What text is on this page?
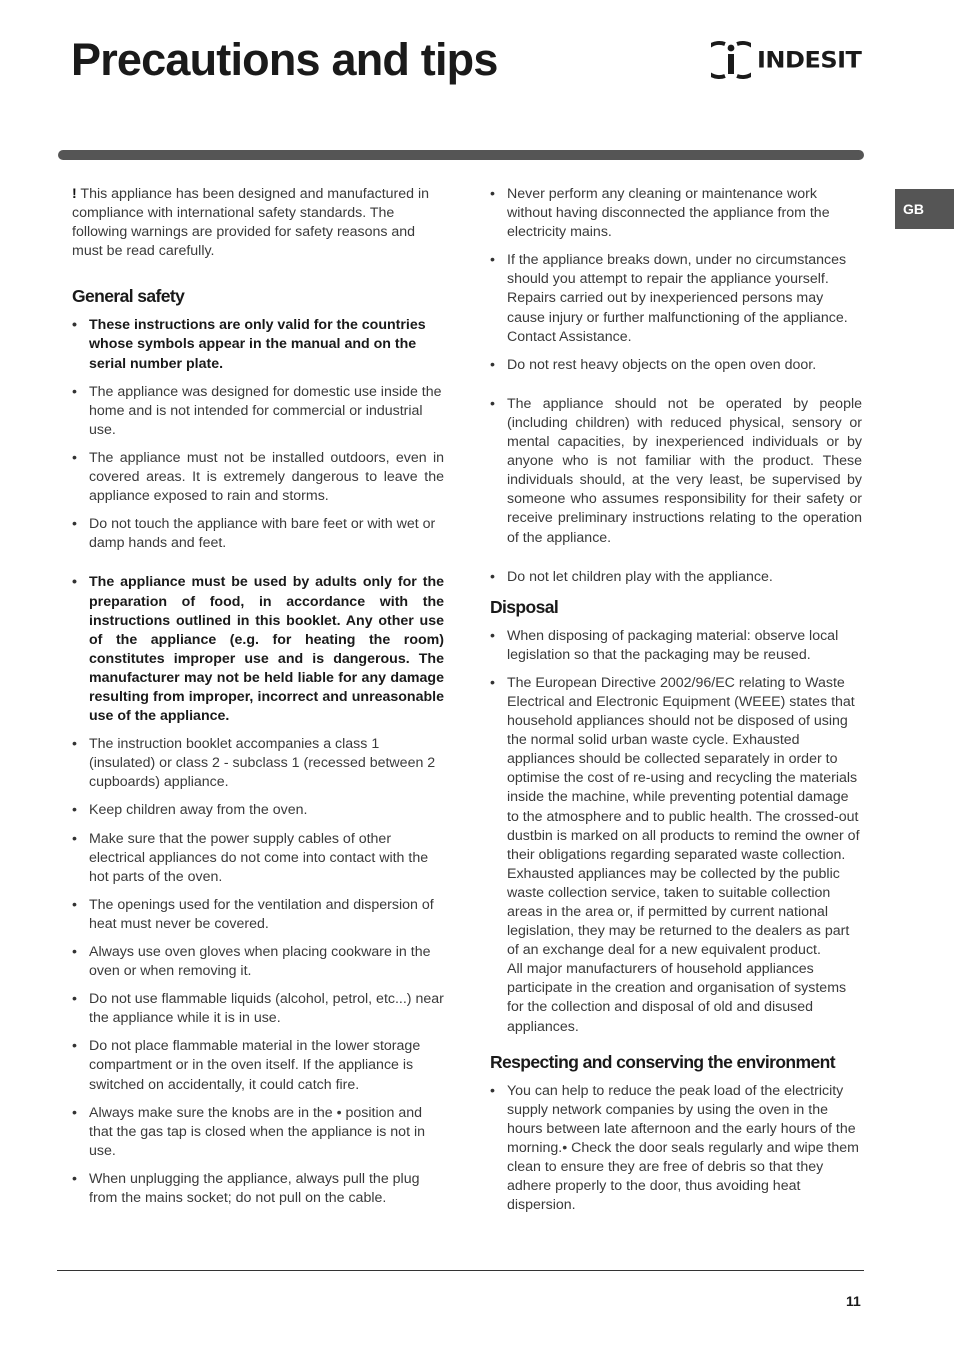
Precautions and tips	INDESIT
GB

! This appliance has been designed and manufactured in compliance with international safety standards. The following warnings are provided for safety reasons and must be read carefully.

General safety
• These instructions are only valid for the countries whose symbols appear in the manual and on the serial number plate.
• The appliance was designed for domestic use inside the home and is not intended for commercial or industrial use.
• The appliance must not be installed outdoors, even in covered areas. It is extremely dangerous to leave the appliance exposed to rain and storms.
• Do not touch the appliance with bare feet or with wet or damp hands and feet.
• The appliance must be used by adults only for the preparation of food, in accordance with the instructions outlined in this booklet. Any other use of the appliance (e.g. for heating the room) constitutes improper use and is dangerous. The manufacturer may not be held liable for any damage resulting from improper, incorrect and unreasonable use of the appliance.
• The instruction booklet accompanies a class 1 (insulated) or class 2 - subclass 1 (recessed between 2 cupboards) appliance.
• Keep children away from the oven.
• Make sure that the power supply cables of other electrical appliances do not come into contact with the hot parts of the oven.
• The openings used for the ventilation and dispersion of heat must never be covered.
• Always use oven gloves when placing cookware in the oven or when removing it.
• Do not use flammable liquids (alcohol, petrol, etc...) near the appliance while it is in use.
• Do not place flammable material in the lower storage compartment or in the oven itself. If the appliance is switched on accidentally, it could catch fire.
• Always make sure the knobs are in the • position and that the gas tap is closed when the appliance is not in use.
• When unplugging the appliance, always pull the plug from the mains socket; do not pull on the cable.
• Never perform any cleaning or maintenance work without having disconnected the appliance from the electricity mains.
• If the appliance breaks down, under no circumstances should you attempt to repair the appliance yourself. Repairs carried out by inexperienced persons may cause injury or further malfunctioning of the appliance. Contact Assistance.
• Do not rest heavy objects on the open oven door.
• The appliance should not be operated by people (including children) with reduced physical, sensory or mental capacities, by inexperienced individuals or by anyone who is not familiar with the product. These individuals should, at the very least, be supervised by someone who assumes responsibility for their safety or receive preliminary instructions relating to the operation of the appliance.
• Do not let children play with the appliance.
Disposal
• When disposing of packaging material: observe local legislation so that the packaging may be reused.
• The European Directive 2002/96/EC relating to Waste Electrical and Electronic Equipment (WEEE) states that household appliances should not be disposed of using the normal solid urban waste cycle. Exhausted appliances should be collected separately in order to optimise the cost of re-using and recycling the materials inside the machine, while preventing potential damage to the atmosphere and to public health. The crossed-out dustbin is marked on all products to remind the owner of their obligations regarding separated waste collection.
Exhausted appliances may be collected by the public waste collection service, taken to suitable collection areas in the area or, if permitted by current national legislation, they may be returned to the dealers as part of an exchange deal for a new equivalent product.
All major manufacturers of household appliances participate in the creation and organisation of systems for the collection and disposal of old and disused appliances.
Respecting and conserving the environment
• You can help to reduce the peak load of the electricity supply network companies by using the oven in the hours between late afternoon and the early hours of the morning.• Check the door seals regularly and wipe them clean to ensure they are free of debris so that they adhere properly to the door, thus avoiding heat dispersion.
11
